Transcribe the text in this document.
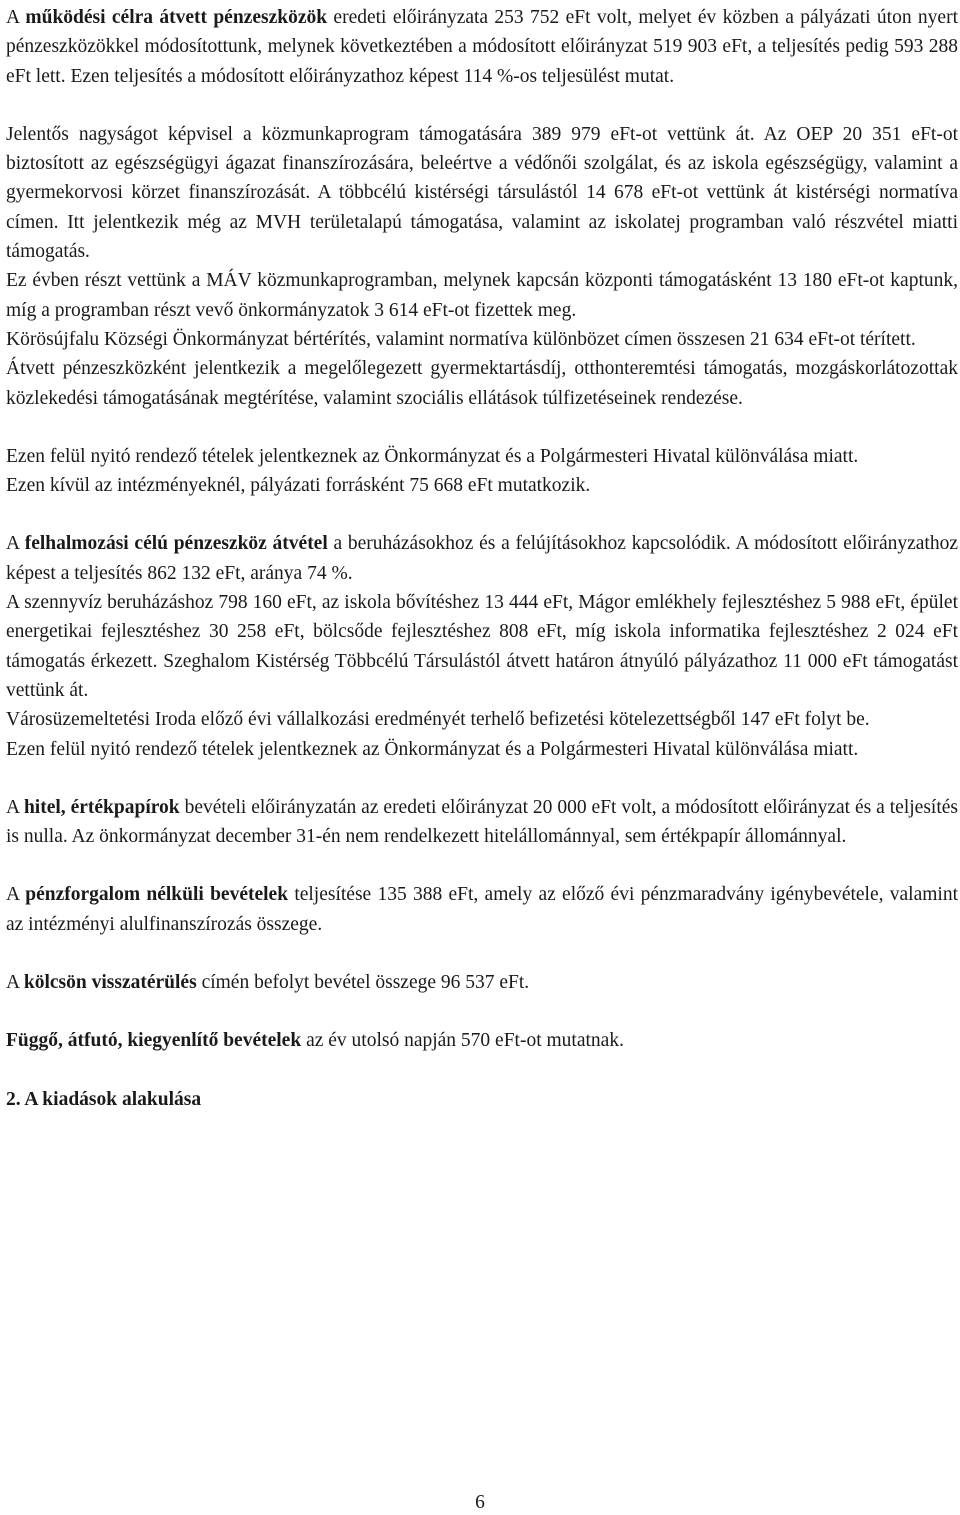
A működési célra átvett pénzeszközök eredeti előirányzata 253 752 eFt volt, melyet év közben a pályázati úton nyert pénzeszközökkel módosítottunk, melynek következtében a módosított előirányzat 519 903 eFt, a teljesítés pedig 593 288 eFt lett. Ezen teljesítés a módosított előirányzathoz képest 114 %-os teljesülést mutat.

Jelentős nagyságot képvisel a közmunkaprogram támogatására 389 979 eFt-ot vettünk át. Az OEP 20 351 eFt-ot biztosított az egészségügyi ágazat finanszírozására, beleértve a védőnői szolgálat, és az iskola egészségügy, valamint a gyermekorvosi körzet finanszírozását. A többcélú kistérségi társulástól 14 678 eFt-ot vettünk át kistérségi normatíva címen. Itt jelentkezik még az MVH területalapú támogatása, valamint az iskolatej programban való részvétel miatti támogatás.

Ez évben részt vettünk a MÁV közmunkaprogramban, melynek kapcsán központi támogatásként 13 180 eFt-ot kaptunk, míg a programban részt vevő önkormányzatok 3 614 eFt-ot fizettek meg.

Körösújfalu Községi Önkormányzat bértérítés, valamint normatíva különbözet címen összesen 21 634 eFt-ot térített.

Átvett pénzeszközként jelentkezik a megelőlegezett gyermektartásdíj, otthonteremtési támogatás, mozgáskorlátozottak közlekedési támogatásának megtérítése, valamint szociális ellátások túlfizetéseinek rendezése.

Ezen felül nyitó rendező tételek jelentkeznek az Önkormányzat és a Polgármesteri Hivatal különválása miatt.

Ezen kívül az intézményeknél, pályázati forrásként 75 668 eFt mutatkozik.

A felhalmozási célú pénzeszköz átvétel a beruházásokhoz és a felújításokhoz kapcsolódik. A módosított előirányzathoz képest a teljesítés 862 132 eFt, aránya 74 %.

A szennyvíz beruházáshoz 798 160 eFt, az iskola bővítéshez 13 444 eFt, Mágor emlékhely fejlesztéshez 5 988 eFt, épület energetikai fejlesztéshez 30 258 eFt, bölcsőde fejlesztéshez 808 eFt, míg iskola informatika fejlesztéshez 2 024 eFt támogatás érkezett. Szeghalom Kistérség Többcélú Társulástól átvett határon átnyúló pályázathoz 11 000 eFt támogatást vettünk át.

Városüzemeltetési Iroda előző évi vállalkozási eredményét terhelő befizetési kötelezettségből 147 eFt folyt be.

Ezen felül nyitó rendező tételek jelentkeznek az Önkormányzat és a Polgármesteri Hivatal különválása miatt.

A hitel, értékpapírok bevételi előirányzatán az eredeti előirányzat 20 000 eFt volt, a módosított előirányzat és a teljesítés is nulla. Az önkormányzat december 31-én nem rendelkezett hitelállománnyal, sem értékpapír állománnyal.

A pénzforgalom nélküli bevételek teljesítése 135 388 eFt, amely az előző évi pénzmaradvány igénybevétele, valamint az intézményi alulfinanszírozás összege.

A kölcsön visszatérülés címén befolyt bevétel összege 96 537 eFt.

Függő, átfutó, kiegyenlítő bevételek az év utolsó napján 570 eFt-ot mutatnak.

2. A kiadások alakulása

6
